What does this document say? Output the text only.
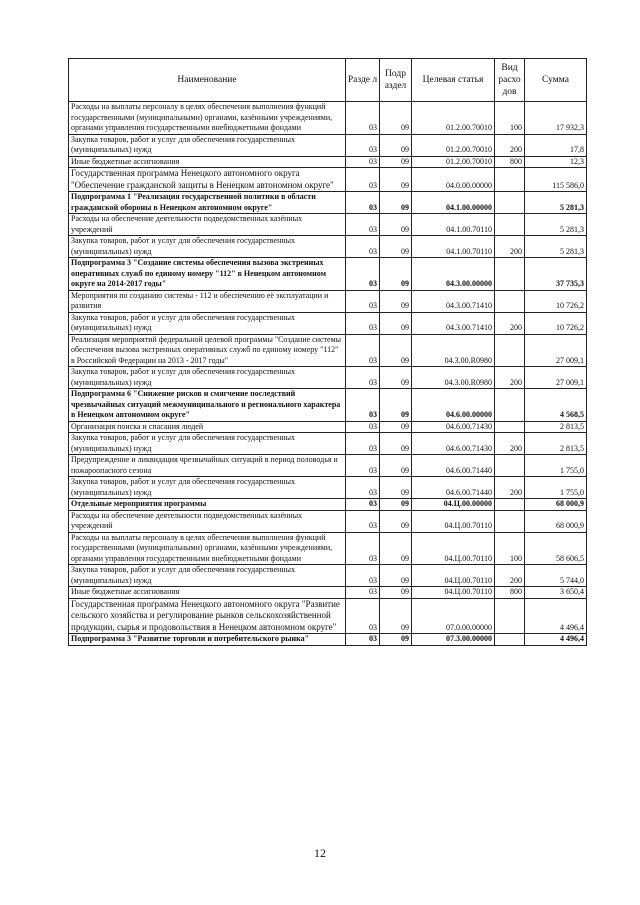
Наименование	Разде л	Подр аздел	Целевая статья	Вид расхо дов	Сумма
Расходы на выплаты персоналу в целях обеспечения выполнения функций государственными (муниципальными) органами, казёнными учреждениями, органами управления государственными внебюджетными фондами	03	09	01.2.00.70010	100	17 932,3
Закупка товаров, работ и услуг для обеспечения государственных (муниципальных) нужд	03	09	01.2.00.70010	200	17,8
Иные бюджетные ассигнования	03	09	01.2.00.70010	800	12,3
Государственная программа Ненецкого автономного округа "Обеспечение гражданской защиты в Ненецком автономном округе"	03	09	04.0.00.00000		115 586,0
Подпрограмма 1 "Реализация государственной политики в области гражданской обороны в Ненецком автономном округе"	03	09	04.1.00.00000		5 281,3
Расходы на обеспечение деятельности подведомственных казённых учреждений	03	09	04.1.00.70110		5 281,3
Закупка товаров, работ и услуг для обеспечения государственных (муниципальных) нужд	03	09	04.1.00.70110	200	5 281,3
Подпрограмма 3 "Создание системы обеспечения вызова экстренных оперативных служб по единому номеру "112" в Ненецком автономном округе на 2014-2017 годы"	03	09	04.3.00.00000		37 735,3
Мероприятия по созданию системы - 112 и обеспечению её эксплуатации и развития	03	09	04.3.00.71410		10 726,2
Закупка товаров, работ и услуг для обеспечения государственных (муниципальных) нужд	03	09	04.3.00.71410	200	10 726,2
Реализация мероприятий федеральной целевой программы "Создание системы обеспечения вызова экстренных оперативных служб по единому номеру "112" в Российской Федерации на 2013 - 2017 годы"	03	09	04.3.00.R0980		27 009,1
Закупка товаров, работ и услуг для обеспечения государственных (муниципальных) нужд	03	09	04.3.00.R0980	200	27 009,1
Подпрограмма 6 "Снижение рисков и смягчение последствий чрезвычайных ситуаций межмуниципального и регионального характера в Ненецком автономном округе"	03	09	04.6.00.00000		4 568,5
Организация поиска и спасания людей	03	09	04.6.00.71430		2 813,5
Закупка товаров, работ и услуг для обеспечения государственных (муниципальных) нужд	03	09	04.6.00.71430	200	2 813,5
Предупреждение и ликвидация чрезвычайных ситуаций в период половодья и пожароопасного сезона	03	09	04.6.00.71440		1 755,0
Закупка товаров, работ и услуг для обеспечения государственных (муниципальных) нужд	03	09	04.6.00.71440	200	1 755,0
Отдельные мероприятия программы	03	09	04.Ц.00.00000		68 000,9
Расходы на обеспечение деятельности подведомственных казённых учреждений	03	09	04.Ц.00.70110		68 000,9
Расходы на выплаты персоналу в целях обеспечения выполнения функций государственными (муниципальными) органами, казёнными учреждениями, органами управления государственными внебюджетными фондами	03	09	04.Ц.00.70110	100	58 606,5
Закупка товаров, работ и услуг для обеспечения государственных (муниципальных) нужд	03	09	04.Ц.00.70110	200	5 744,0
Иные бюджетные ассигнования	03	09	04.Ц.00.70110	800	3 650,4
Государственная программа Ненецкого автономного округа "Развитие сельского хозяйства и регулирование рынков сельскохозяйственной продукции, сырья и продовольствия в Ненецком автономном округе"	03	09	07.0.00.00000		4 496,4
Подпрограмма 3 "Развитие торговли и потребительского рынка"	03	09	07.3.00.00000		4 496,4
12
